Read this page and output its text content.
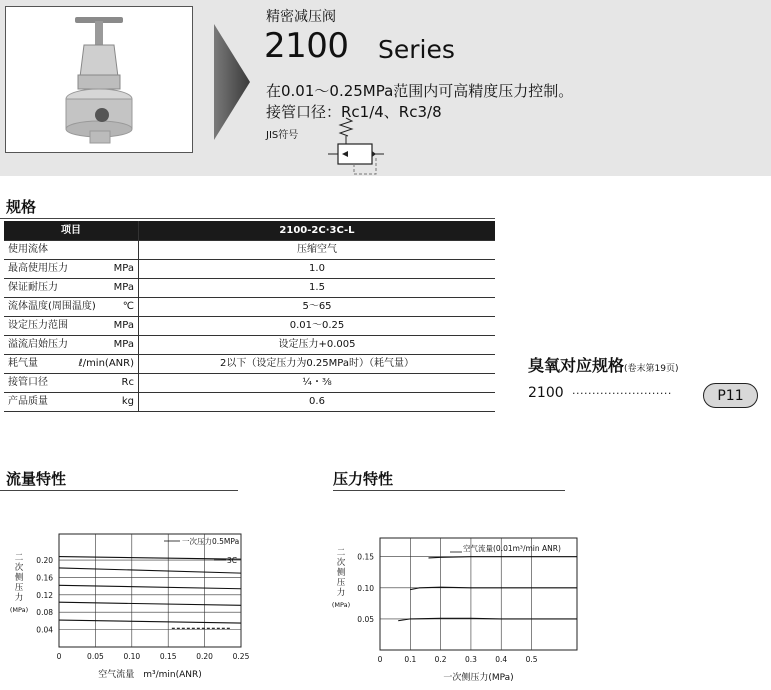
精密减压阀
2100 Series
在0.01～0.25MPa范围内可高精度压力控制。
接管口径：Rc1/4、Rc3/8
JIS符号
规格
项目	2100-2C·3C-L
使用流体	压缩空气
最高使用压力 MPa	1.0
保证耐压力 MPa	1.5
流体温度(周围温度) ℃	5～65
设定压力范围 MPa	0.01～0.25
溢流启始压力 MPa	设定压力+0.005
耗气量 ℓ/min(ANR)	2以下（设定压力为0.25MPa时）（耗气量）
接管口径 Rc	¼・⅜
产品质量 kg	0.6
臭氧对应规格(卷末第19页)
2100 ·························	P11
流量特性	压力特性
0	0.05	0.10	0.15	0.20	0.25
0.04
0.08
0.12
0.16
0.20
空气流量　m³/min(ANR)
二
次
侧
压
力
(MPa)
一次压力0.5MPa
3C
0	0.1 0.2 0.3 0.4 0.5
0.05
0.10
0.15
一次侧压力(MPa)
二
次
侧
压
力
(MPa)
空气流量(0.01m³/min ANR)
